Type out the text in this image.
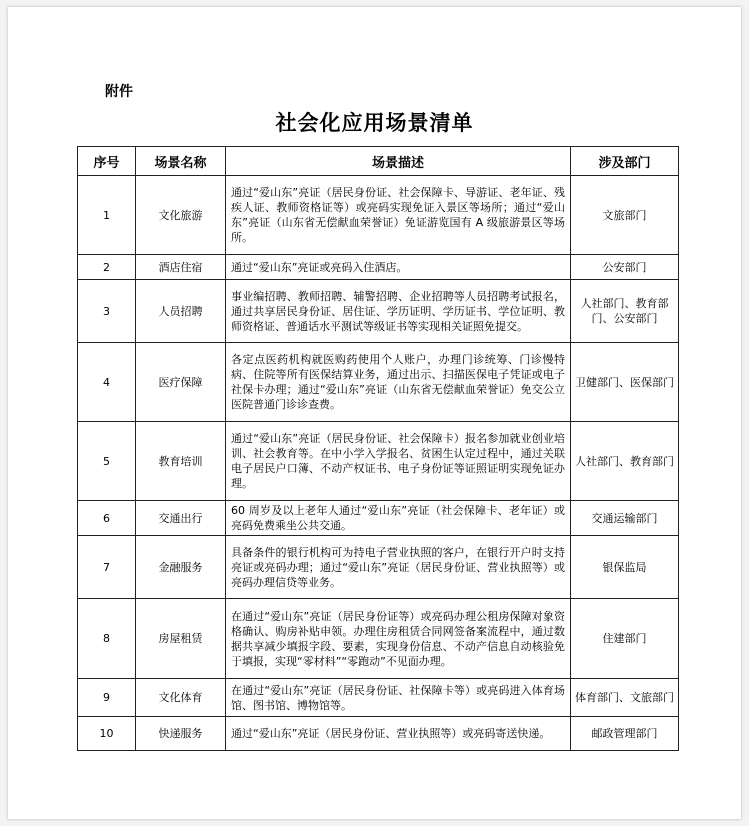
附件
社会化应用场景清单
序号	场景名称	场景描述	涉及部门
1	文化旅游	通过“爱山东”亮证（居民身份证、社会保障卡、导游证、老年证、残疾人证、教师资格证等）或亮码实现免证入景区等场所；通过“爱山东”亮证（山东省无偿献血荣誉证）免证游览国有 A 级旅游景区等场所。	文旅部门
2	酒店住宿	通过“爱山东”亮证或亮码入住酒店。	公安部门
3	人员招聘	事业编招聘、教师招聘、辅警招聘、企业招聘等人员招聘考试报名，通过共享居民身份证、居住证、学历证明、学历证书、学位证明、教师资格证、普通话水平测试等级证书等实现相关证照免提交。	人社部门、教育部门、公安部门
4	医疗保障	各定点医药机构就医购药使用个人账户，办理门诊统筹、门诊慢特病、住院等所有医保结算业务，通过出示、扫描医保电子凭证或电子社保卡办理；通过“爱山东”亮证（山东省无偿献血荣誉证）免交公立医院普通门诊诊查费。	卫健部门、医保部门
5	教育培训	通过“爱山东”亮证（居民身份证、社会保障卡）报名参加就业创业培训、社会教育等。在中小学入学报名、贫困生认定过程中，通过关联电子居民户口簿、不动产权证书、电子身份证等证照证明实现免证办理。	人社部门、教育部门
6	交通出行	60 周岁及以上老年人通过“爱山东”亮证（社会保障卡、老年证）或亮码免费乘坐公共交通。	交通运输部门
7	金融服务	具备条件的银行机构可为持电子营业执照的客户，在银行开户时支持亮证或亮码办理；通过“爱山东”亮证（居民身份证、营业执照等）或亮码办理信贷等业务。	银保监局
8	房屋租赁	在通过“爱山东”亮证（居民身份证等）或亮码办理公租房保障对象资格确认、购房补贴申领。办理住房租赁合同网签备案流程中，通过数据共享减少填报字段、要素，实现身份信息、不动产信息自动核验免于填报，实现“零材料”“零跑动”不见面办理。	住建部门
9	文化体育	在通过“爱山东”亮证（居民身份证、社保障卡等）或亮码进入体育场馆、图书馆、博物馆等。	体育部门、文旅部门
10	快递服务	通过“爱山东”亮证（居民身份证、营业执照等）或亮码寄送快递。	邮政管理部门
